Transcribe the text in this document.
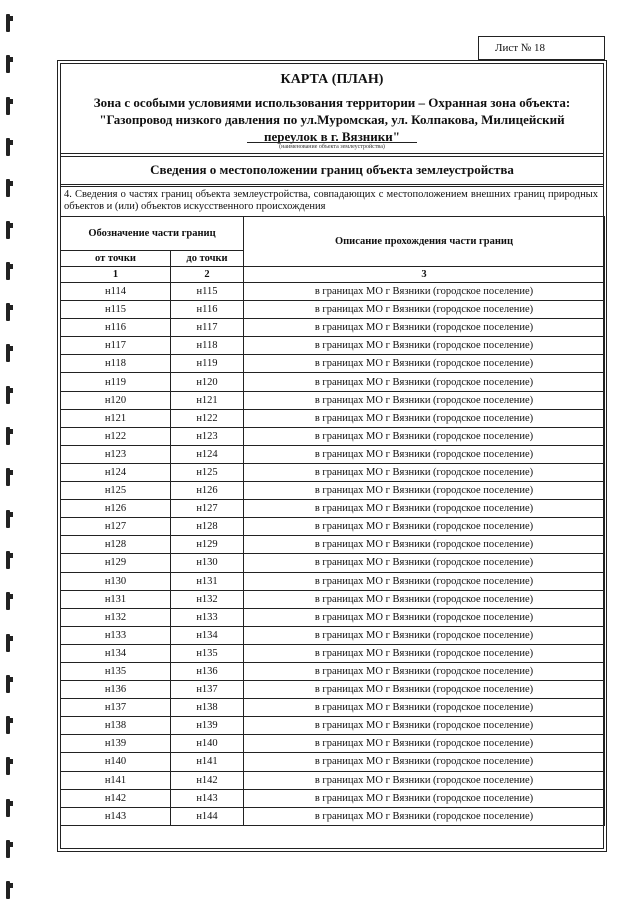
Лист № 18
КАРТА (ПЛАН)
Зона с особыми условиями использования территории – Охранная зона объекта: "Газопровод низкого давления по ул.Муромская, ул. Колпакова, Милицейский переулок в г. Вязники"
(наименование объекта землеустройства)
Сведения о местоположении границ объекта землеустройства
4. Сведения о частях границ объекта землеустройства, совпадающих с местоположением внешних границ природных объектов и (или) объектов искусственного происхождения
Обозначение части границ		Описание прохождения части границ
от точки	до точки	
1	2	3
н114	н115	в границах МО г Вязники (городское поселение)
н115	н116	в границах МО г Вязники (городское поселение)
н116	н117	в границах МО г Вязники (городское поселение)
н117	н118	в границах МО г Вязники (городское поселение)
н118	н119	в границах МО г Вязники (городское поселение)
н119	н120	в границах МО г Вязники (городское поселение)
н120	н121	в границах МО г Вязники (городское поселение)
н121	н122	в границах МО г Вязники (городское поселение)
н122	н123	в границах МО г Вязники (городское поселение)
н123	н124	в границах МО г Вязники (городское поселение)
н124	н125	в границах МО г Вязники (городское поселение)
н125	н126	в границах МО г Вязники (городское поселение)
н126	н127	в границах МО г Вязники (городское поселение)
н127	н128	в границах МО г Вязники (городское поселение)
н128	н129	в границах МО г Вязники (городское поселение)
н129	н130	в границах МО г Вязники (городское поселение)
н130	н131	в границах МО г Вязники (городское поселение)
н131	н132	в границах МО г Вязники (городское поселение)
н132	н133	в границах МО г Вязники (городское поселение)
н133	н134	в границах МО г Вязники (городское поселение)
н134	н135	в границах МО г Вязники (городское поселение)
н135	н136	в границах МО г Вязники (городское поселение)
н136	н137	в границах МО г Вязники (городское поселение)
н137	н138	в границах МО г Вязники (городское поселение)
н138	н139	в границах МО г Вязники (городское поселение)
н139	н140	в границах МО г Вязники (городское поселение)
н140	н141	в границах МО г Вязники (городское поселение)
н141	н142	в границах МО г Вязники (городское поселение)
н142	н143	в границах МО г Вязники (городское поселение)
н143	н144	в границах МО г Вязники (городское поселение)
